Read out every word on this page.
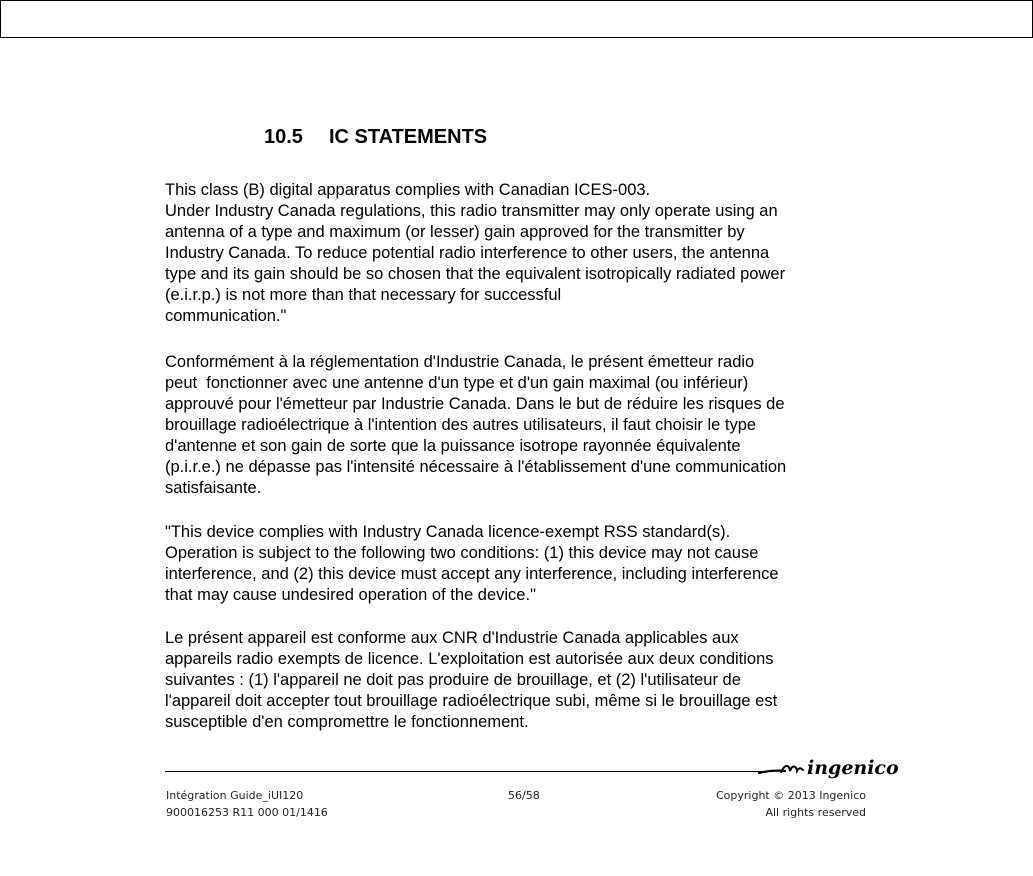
10.5 IC STATEMENTS
This class (B) digital apparatus complies with Canadian ICES-003.
Under Industry Canada regulations, this radio transmitter may only operate using an
antenna of a type and maximum (or lesser) gain approved for the transmitter by
Industry Canada. To reduce potential radio interference to other users, the antenna
type and its gain should be so chosen that the equivalent isotropically radiated power
(e.i.r.p.) is not more than that necessary for successful
communication."
Conformément à la réglementation d'Industrie Canada, le présent émetteur radio
peut  fonctionner avec une antenne d'un type et d'un gain maximal (ou inférieur)
approuvé pour l'émetteur par Industrie Canada. Dans le but de réduire les risques de
brouillage radioélectrique à l'intention des autres utilisateurs, il faut choisir le type
d'antenne et son gain de sorte que la puissance isotrope rayonnée équivalente
(p.i.r.e.) ne dépasse pas l'intensité nécessaire à l'établissement d'une communication
satisfaisante.
"This device complies with Industry Canada licence-exempt RSS standard(s).
Operation is subject to the following two conditions: (1) this device may not cause
interference, and (2) this device must accept any interference, including interference
that may cause undesired operation of the device."
Le présent appareil est conforme aux CNR d'Industrie Canada applicables aux
appareils radio exempts de licence. L'exploitation est autorisée aux deux conditions
suivantes : (1) l'appareil ne doit pas produire de brouillage, et (2) l'utilisateur de
l'appareil doit accepter tout brouillage radioélectrique subi, même si le brouillage est
susceptible d'en compromettre le fonctionnement.
ingenico
Intégration Guide_iUI120
900016253 R11 000 01/1416
56/58	Copyright © 2013 Ingenico
All rights reserved
